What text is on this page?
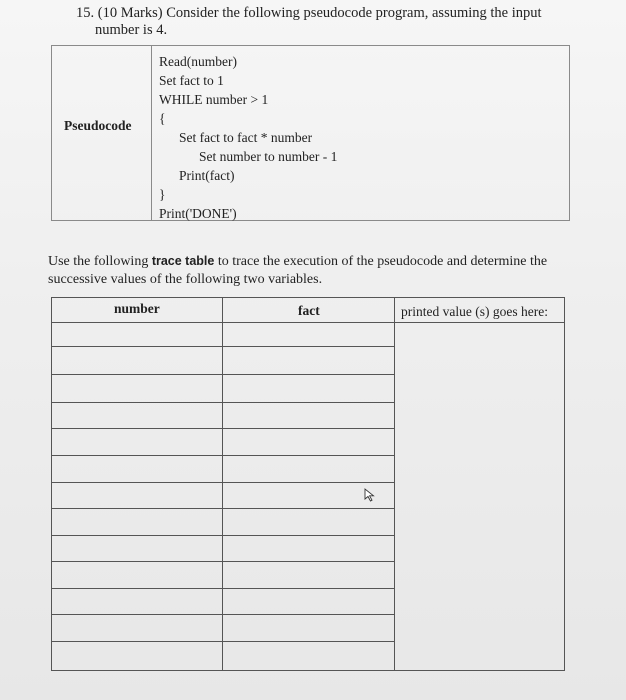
15. (10 Marks) Consider the following pseudocode program, assuming the input
number is 4.
Pseudocode
Read(number)
Set fact to 1
WHILE number > 1
{
Set fact to fact * number
Set number to number - 1
Print(fact)
}
Print('DONE')
Use the following trace table to trace the execution of the pseudocode and determine the
successive values of the following two variables.
number	fact	printed value (s) goes here:
